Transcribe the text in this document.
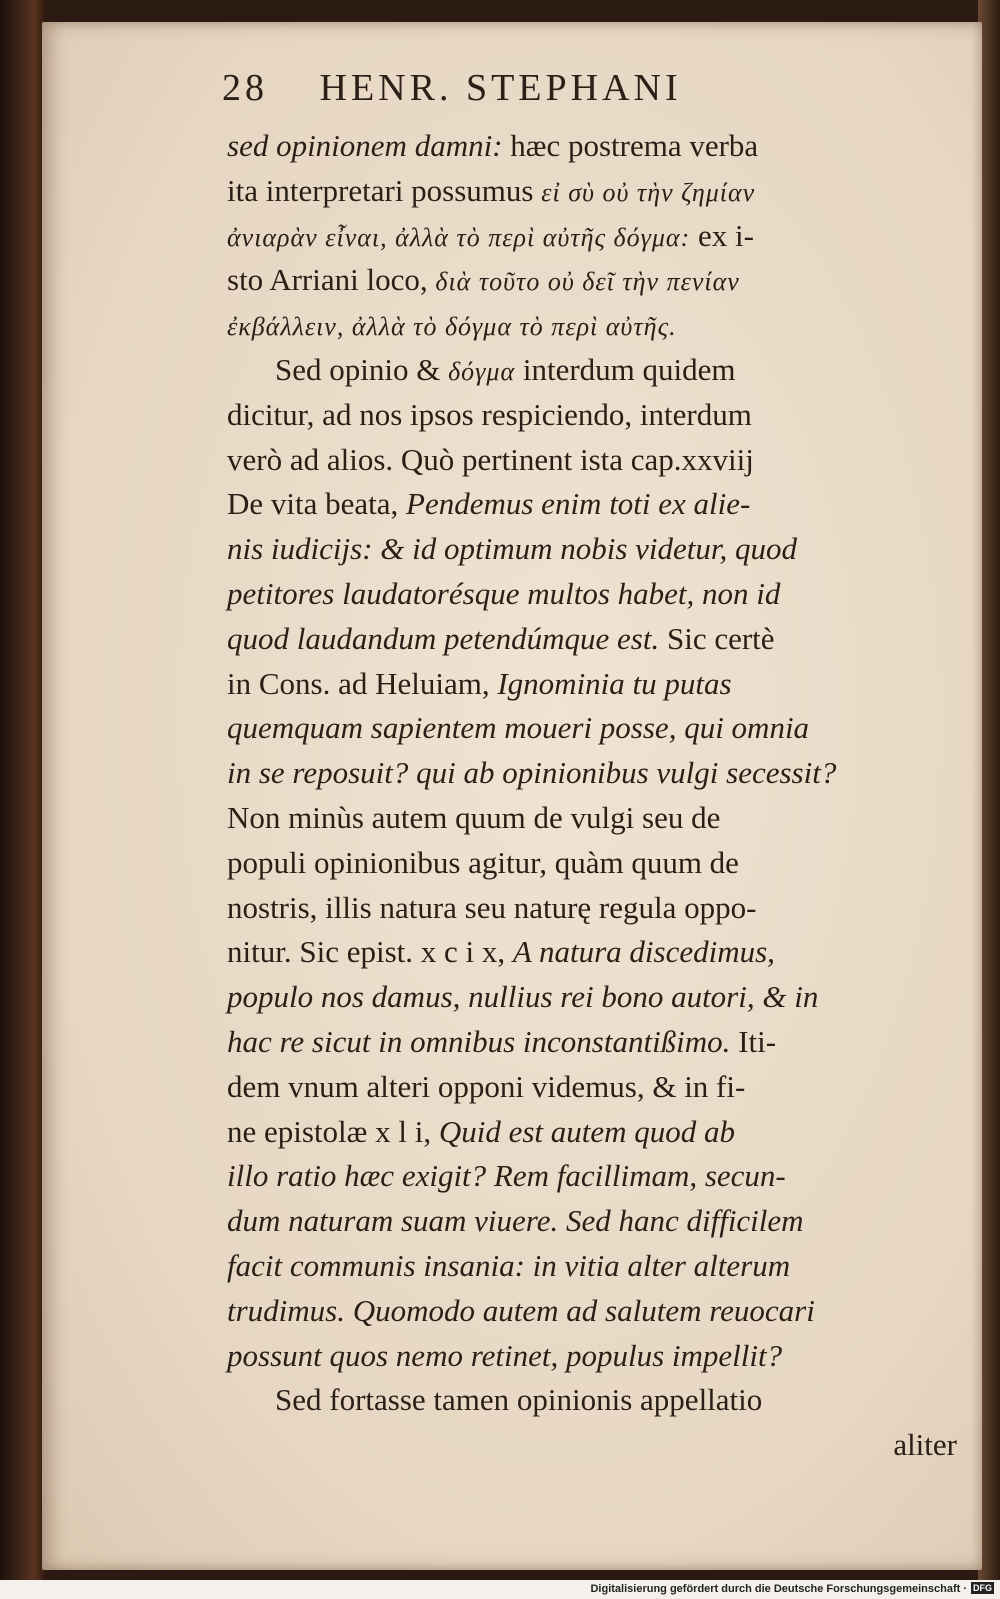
28 HENR. STEPHANI
sed opinionem damni: hæc postrema verba
ita interpretari possumus εἰ σὺ οὐ τὴν ζημίαν
ἀνιαρὰν εἶναι, ἀλλὰ τὸ περὶ αὐτῆς δόγμα: ex i-
sto Arriani loco, διὰ τοῦτο οὐ δεῖ τὴν πενίαν
ἐκβάλλειν, ἀλλὰ τὸ δόγμα τὸ περὶ αὐτῆς.
Sed opinio & δόγμα interdum quidem
dicitur, ad nos ipsos respiciendo, interdum
verò ad alios. Quò pertinent ista cap.xxviij
De vita beata, Pendemus enim toti ex alie-
nis iudicijs: & id optimum nobis videtur, quod
petitores laudatorésque multos habet, non id
quod laudandum petendúmque est. Sic certè
in Cons. ad Heluiam, Ignominia tu putas
quemquam sapientem moueri posse, qui omnia
in se reposuit? qui ab opinionibus vulgi secessit?
Non minùs autem quum de vulgi seu de
populi opinionibus agitur, quàm quum de
nostris, illis natura seu naturę regula oppo-
nitur. Sic epist. x c i x, A natura discedimus,
populo nos damus, nullius rei bono autori, & in
hac re sicut in omnibus inconstantißimo. Iti-
dem vnum alteri opponi videmus, & in fi-
ne epistolæ x l i, Quid est autem quod ab
illo ratio hæc exigit? Rem facillimam, secun-
dum naturam suam viuere. Sed hanc difficilem
facit communis insania: in vitia alter alterum
trudimus. Quomodo autem ad salutem reuocari
possunt quos nemo retinet, populus impellit?
Sed fortasse tamen opinionis appellatio
aliter
Digitalisierung gefördert durch die Deutsche Forschungsgemeinschaft · DFG
